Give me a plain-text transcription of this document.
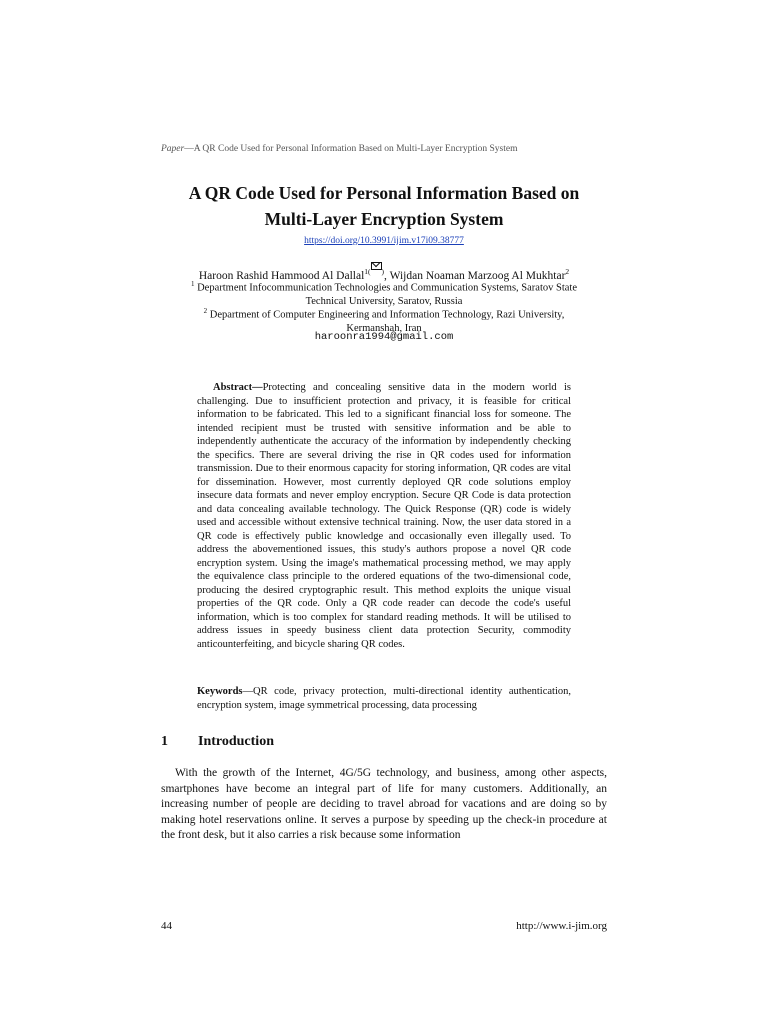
Paper—A QR Code Used for Personal Information Based on Multi-Layer Encryption System
A QR Code Used for Personal Information Based on
Multi-Layer Encryption System
https://doi.org/10.3991/ijim.v17i09.38777
Haroon Rashid Hammood Al Dallal$^{1( )}$, Wijdan Noaman Marzoog Al Mukhtar$^2$
$^1$ Department Infocommunication Technologies and Communication Systems, Saratov State
Technical University, Saratov, Russia
$^2$ Department of Computer Engineering and Information Technology, Razi University,
Kermanshah, Iran
haroonra1994@gmail.com

Abstract—Protecting and concealing sensitive data in the modern world is challenging. Due to insufficient protection and privacy, it is feasible for critical information to be fabricated. This led to a significant financial loss for someone. The intended recipient must be trusted with sensitive information and be able to independently authenticate the accuracy of the information by independently checking the specifics. There are several driving the rise in QR codes used for information transmission. Due to their enormous capacity for storing information, QR codes are vital for dissemination. However, most currently deployed QR code solutions employ insecure data formats and never employ encryption. Secure QR Code is data protection and data concealing available technology. The Quick Response (QR) code is widely used and accessible without extensive technical training. Now, the user data stored in a QR code is effectively public knowledge and occasionally even illegally used. To address the abovementioned issues, this study's authors propose a novel QR code encryption system. Using the image's mathematical processing method, we may apply the equivalence class principle to the ordered equations of the two-dimensional code, producing the desired cryptographic result. This method exploits the unique visual properties of the QR code. Only a QR code reader can decode the code's useful information, which is too complex for standard reading methods. It will be utilised to address issues in speedy business client data protection Security, commodity anticounterfeiting, and bicycle sharing QR codes.

Keywords—QR code, privacy protection, multi-directional identity authentication, encryption system, image symmetrical processing, data processing

1 Introduction

With the growth of the Internet, 4G/5G technology, and business, among other aspects, smartphones have become an integral part of life for many customers. Additionally, an increasing number of people are deciding to travel abroad for vacations and are doing so by making hotel reservations online. It serves a purpose by speeding up the check-in procedure at the front desk, but it also carries a risk because some information

44	http://www.i-jim.org
